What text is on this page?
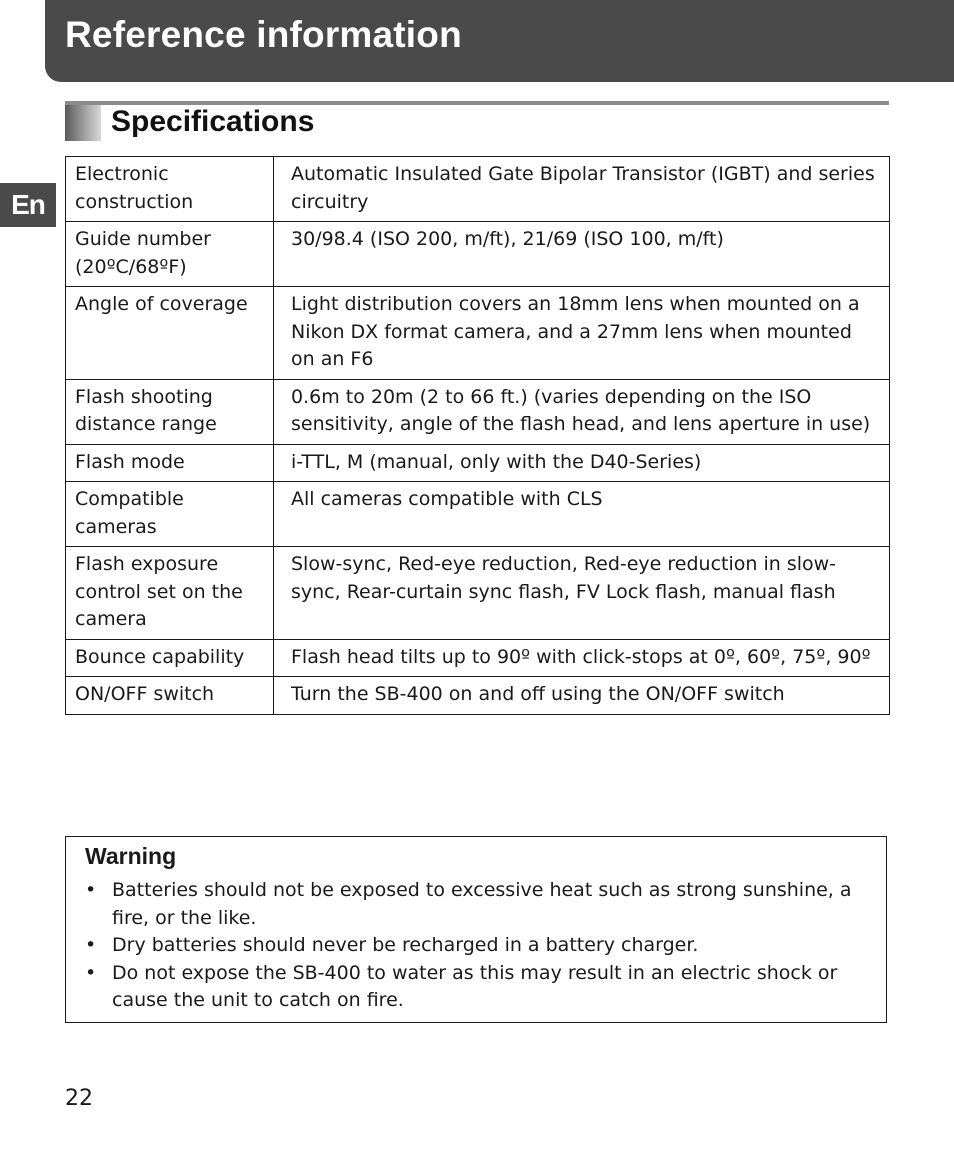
Reference information
En
Specifications
Electronic construction	Automatic Insulated Gate Bipolar Transistor (IGBT) and series circuitry
Guide number (20ºC/68ºF)	30/98.4 (ISO 200, m/ft), 21/69 (ISO 100, m/ft)
Angle of coverage	Light distribution covers an 18mm lens when mounted on a Nikon DX format camera, and a 27mm lens when mounted on an F6
Flash shooting distance range	0.6m to 20m (2 to 66 ft.) (varies depending on the ISO sensitivity, angle of the flash head, and lens aperture in use)
Flash mode	i-TTL, M (manual, only with the D40-Series)
Compatible cameras	All cameras compatible with CLS
Flash exposure control set on the camera	Slow-sync, Red-eye reduction, Red-eye reduction in slow-sync, Rear-curtain sync flash, FV Lock flash, manual flash
Bounce capability	Flash head tilts up to 90º with click-stops at 0º, 60º, 75º, 90º
ON/OFF switch	Turn the SB-400 on and off using the ON/OFF switch
Warning
• Batteries should not be exposed to excessive heat such as strong sunshine, a fire, or the like.
• Dry batteries should never be recharged in a battery charger.
• Do not expose the SB-400 to water as this may result in an electric shock or cause the unit to catch on fire.
22
